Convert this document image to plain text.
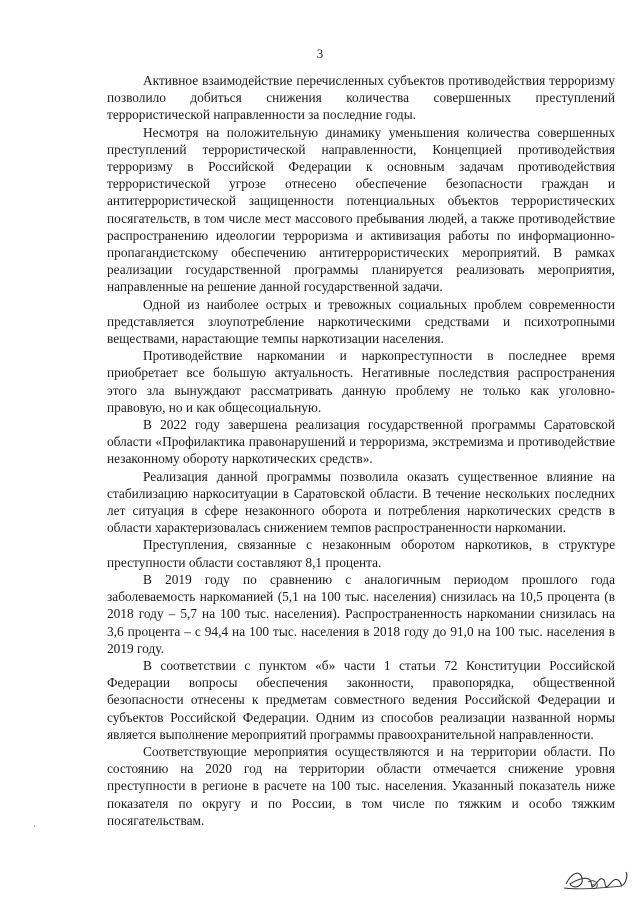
3

Активное взаимодействие перечисленных субъектов противодействия терроризму позволило добиться снижения количества совершенных преступлений террористической направленности за последние годы.

Несмотря на положительную динамику уменьшения количества совершенных преступлений террористической направленности, Концепцией противодействия терроризму в Российской Федерации к основным задачам противодействия террористической угрозе отнесено обеспечение безопасности граждан и антитеррористической защищенности потенциальных объектов террористических посягательств, в том числе мест массового пребывания людей, а также противодействие распространению идеологии терроризма и активизация работы по информационно-пропагандистскому обеспечению антитеррористических мероприятий. В рамках реализации государственной программы планируется реализовать мероприятия, направленные на решение данной государственной задачи.

Одной из наиболее острых и тревожных социальных проблем современности представляется злоупотребление наркотическими средствами и психотропными веществами, нарастающие темпы наркотизации населения.

Противодействие наркомании и наркопреступности в последнее время приобретает все большую актуальность. Негативные последствия распространения этого зла вынуждают рассматривать данную проблему не только как уголовно-правовую, но и как общесоциальную.

В 2022 году завершена реализация государственной программы Саратовской области «Профилактика правонарушений и терроризма, экстремизма и противодействие незаконному обороту наркотических средств».

Реализация данной программы позволила оказать существенное влияние на стабилизацию наркоситуации в Саратовской области. В течение нескольких последних лет ситуация в сфере незаконного оборота и потребления наркотических средств в области характеризовалась снижением темпов распространенности наркомании.

Преступления, связанные с незаконным оборотом наркотиков, в структуре преступности области составляют 8,1 процента.

В 2019 году по сравнению с аналогичным периодом прошлого года заболеваемость наркоманией (5,1 на 100 тыс. населения) снизилась на 10,5 процента (в 2018 году – 5,7 на 100 тыс. населения). Распространенность наркомании снизилась на 3,6 процента – с 94,4 на 100 тыс. населения в 2018 году до 91,0 на 100 тыс. населения в 2019 году.

В соответствии с пунктом «б» части 1 статьи 72 Конституции Российской Федерации вопросы обеспечения законности, правопорядка, общественной безопасности отнесены к предметам совместного ведения Российской Федерации и субъектов Российской Федерации. Одним из способов реализации названной нормы является выполнение мероприятий программы правоохранительной направленности.

Соответствующие мероприятия осуществляются и на территории области. По состоянию на 2020 год на территории области отмечается снижение уровня преступности в регионе в расчете на 100 тыс. населения. Указанный показатель ниже показателя по округу и по России, в том числе по тяжким и особо тяжким посягательствам.
